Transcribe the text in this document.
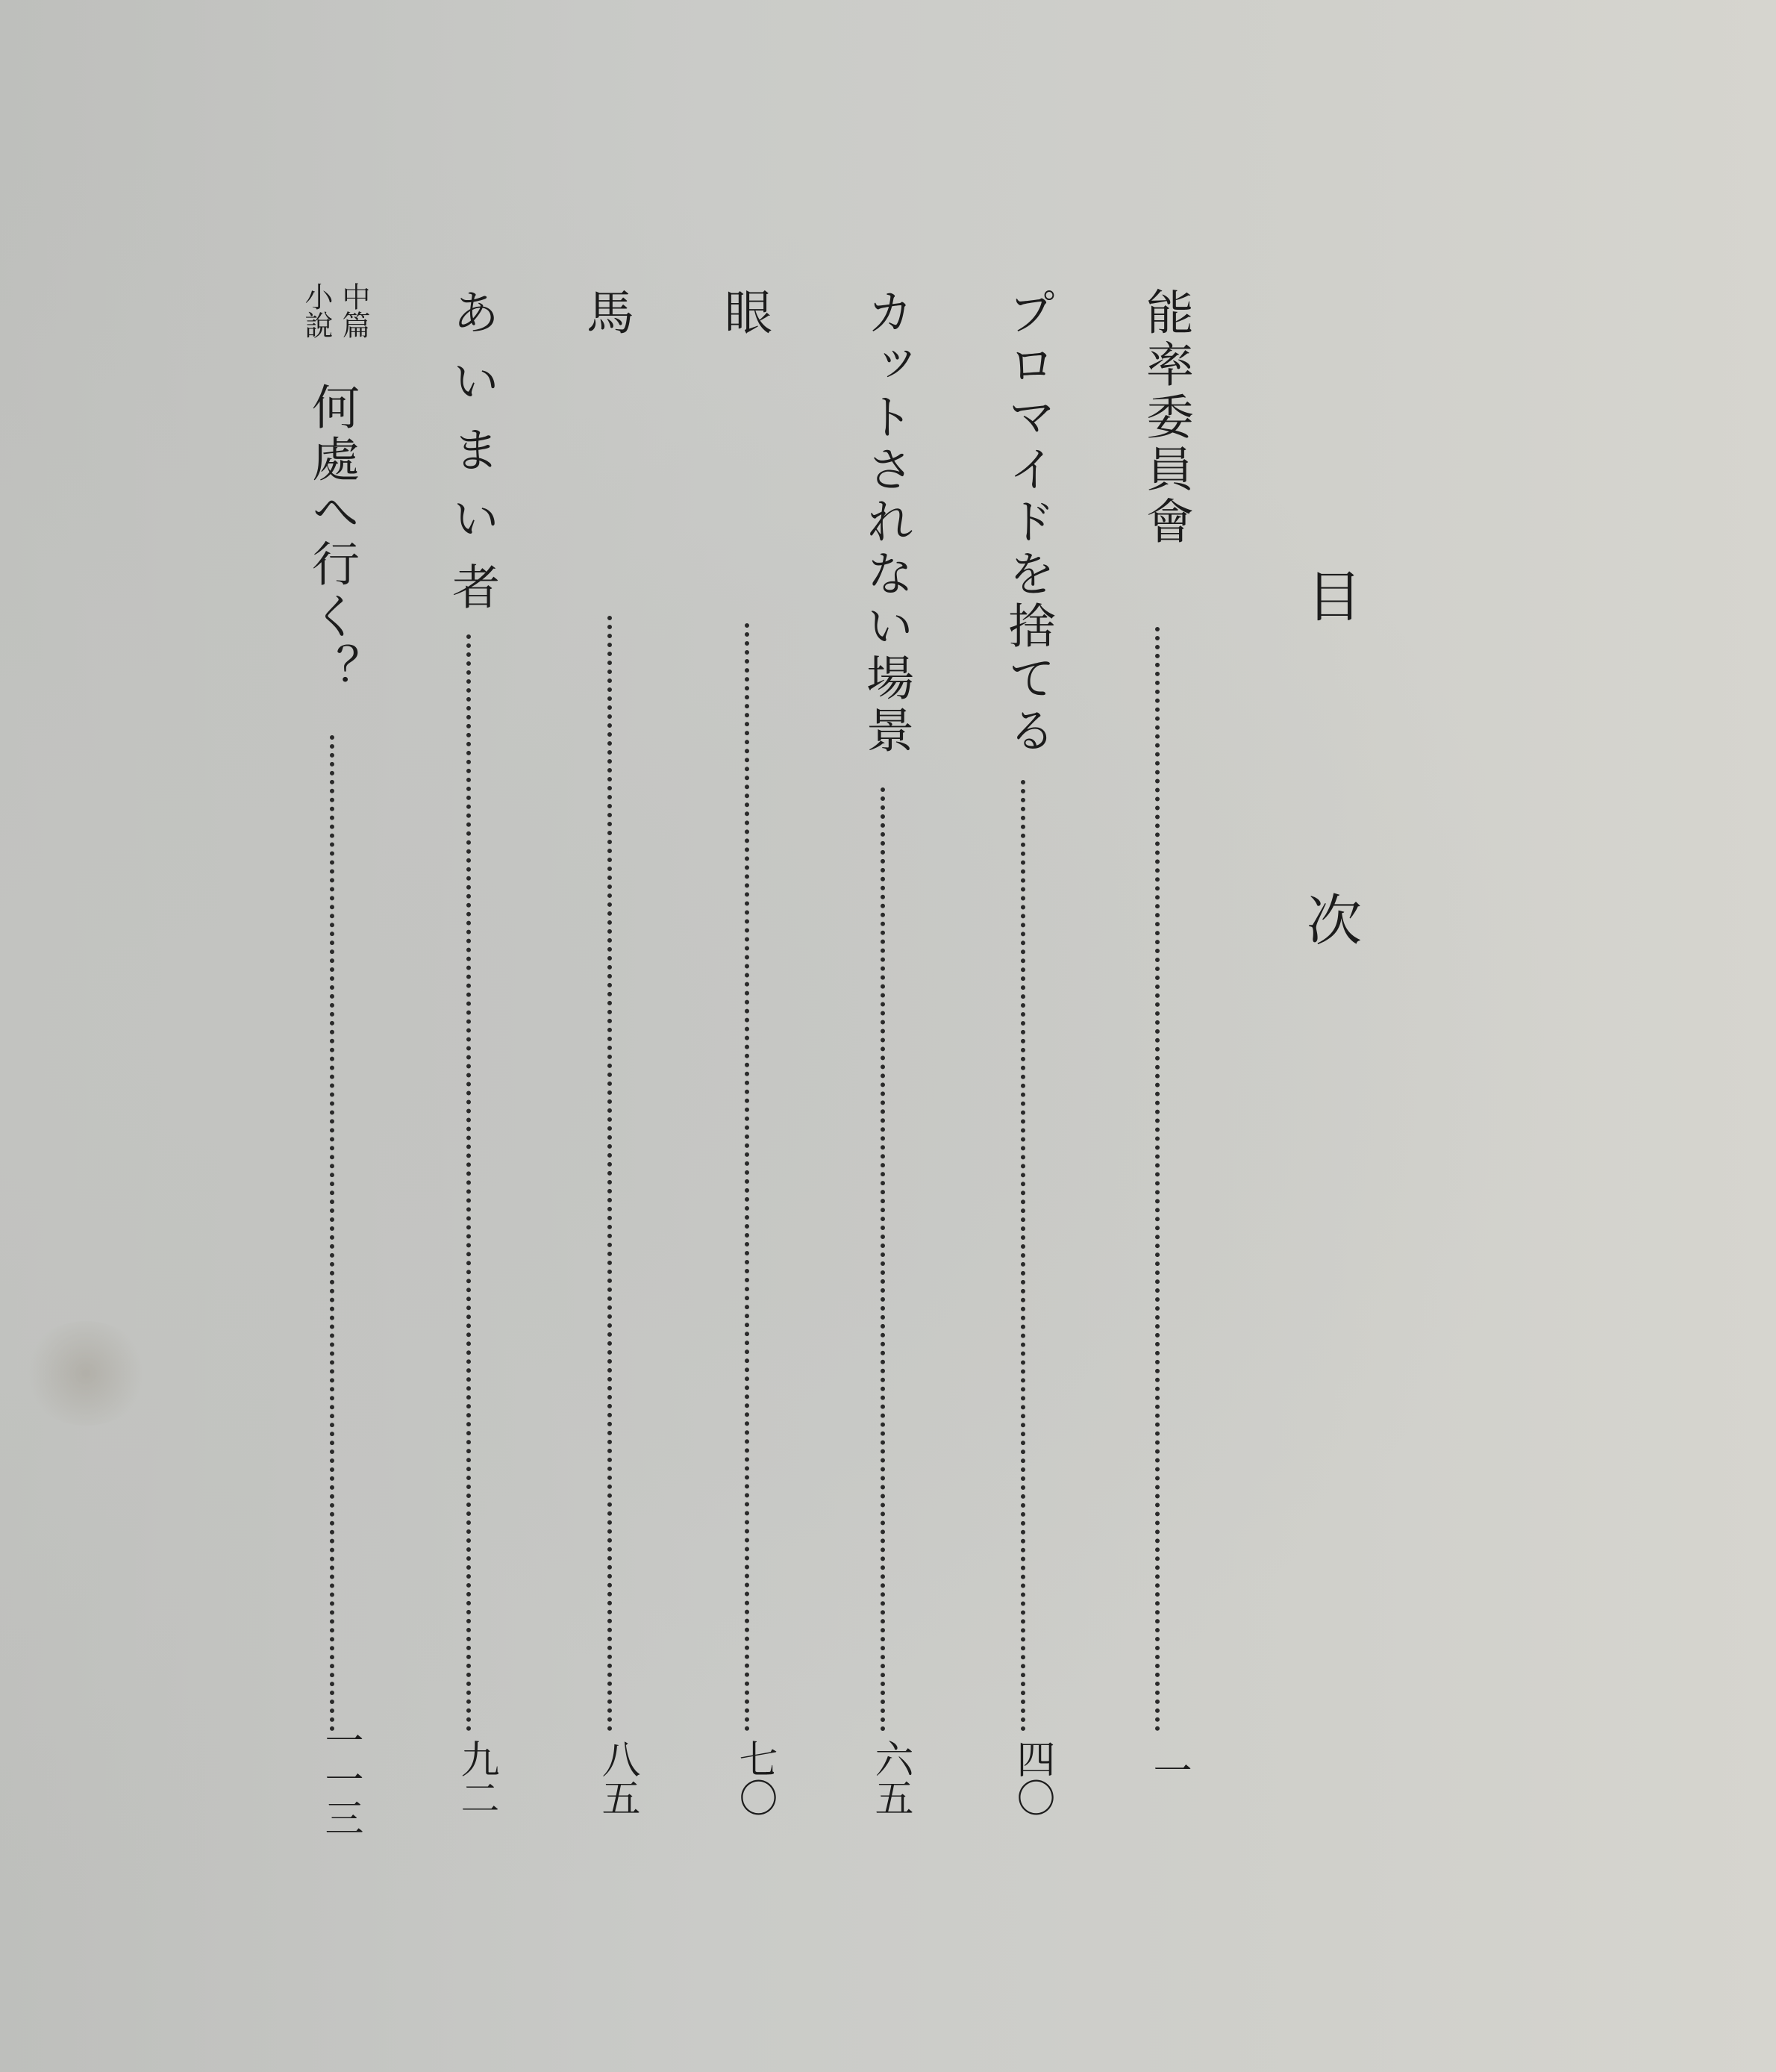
目次
能率委員會
一
プロマイドを捨てる
四〇
カットされない場景
六五
眼
七〇
馬
八五
あいまい者
九二
中篇
小說
何處へ行く？
一一三
